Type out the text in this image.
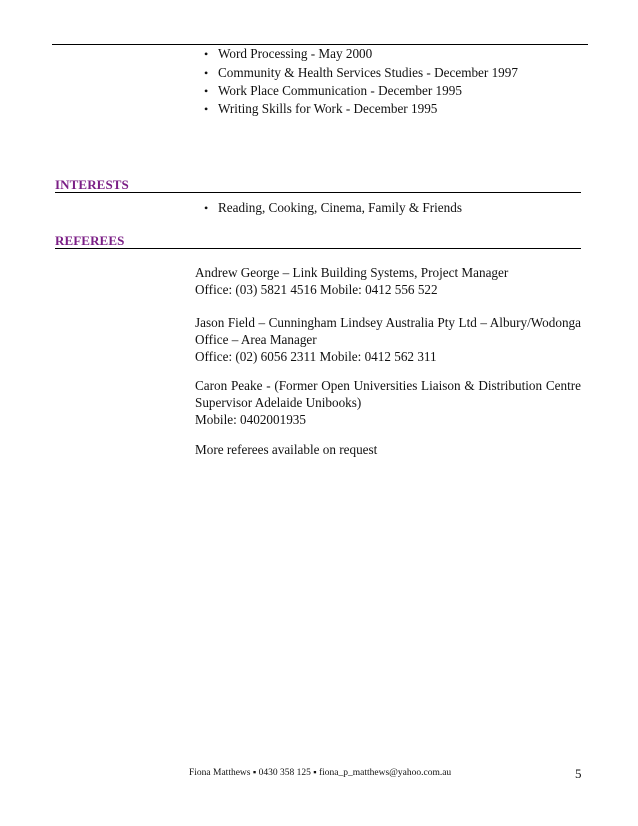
• Word Processing - May 2000
• Community & Health Services Studies - December 1997
• Work Place Communication - December 1995
• Writing Skills for Work - December 1995
INTERESTS
• Reading, Cooking, Cinema, Family & Friends
REFEREES
Andrew George – Link Building Systems, Project Manager
Office: (03) 5821 4516 Mobile: 0412 556 522
Jason Field – Cunningham Lindsey Australia Pty Ltd – Albury/Wodonga
Office – Area Manager
Office: (02) 6056 2311 Mobile: 0412 562 311
Caron Peake - (Former Open Universities Liaison & Distribution Centre
Supervisor Adelaide Unibooks)
Mobile: 0402001935
More referees available on request
Fiona Matthews ▪ 0430 358 125 ▪ fiona_p_matthews@yahoo.com.au	5
